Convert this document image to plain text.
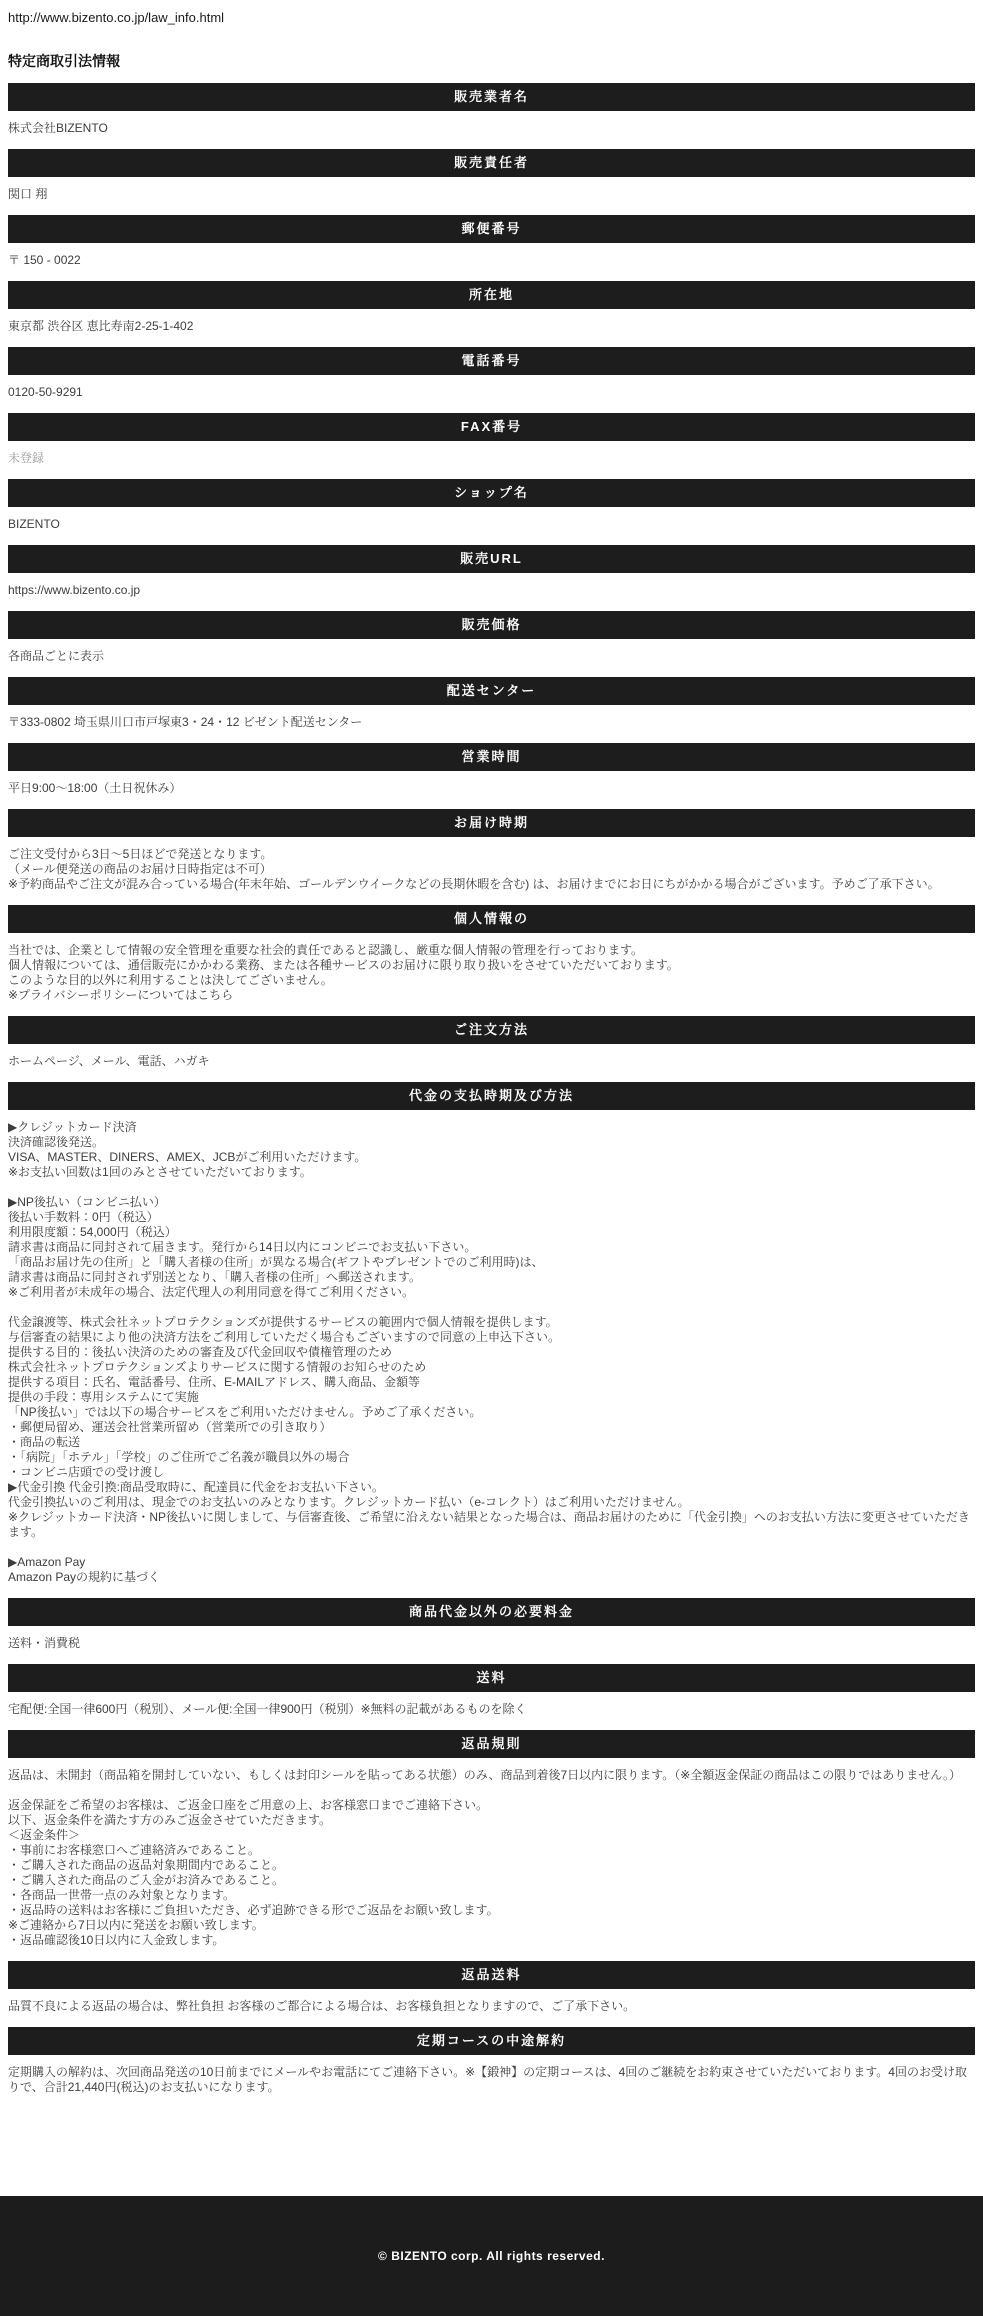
http://www.bizento.co.jp/law_info.html
特定商取引法情報
販売業者名
株式会社BIZENTO
販売責任者
関口 翔
郵便番号
〒 150 - 0022
所在地
東京都 渋谷区 恵比寿南2-25-1-402
電話番号
0120-50-9291
FAX番号
未登録
ショップ名
BIZENTO
販売URL
https://www.bizento.co.jp
販売価格
各商品ごとに表示
配送センター
〒333-0802 埼玉県川口市戸塚東3・24・12 ビゼント配送センター
営業時間
平日9:00〜18:00（土日祝休み）
お届け時期
ご注文受付から3日〜5日ほどで発送となります。
（メール便発送の商品のお届け日時指定は不可）
※予約商品やご注文が混み合っている場合(年末年始、ゴールデンウイークなどの長期休暇を含む) は、お届けまでにお日にちがかかる場合がございます。予めご了承下さい。
個人情報の
当社では、企業として情報の安全管理を重要な社会的責任であると認識し、厳重な個人情報の管理を行っております。
個人情報については、通信販売にかかわる業務、または各種サービスのお届けに限り取り扱いをさせていただいております。
このような目的以外に利用することは決してございません。
※プライバシーポリシーについてはこちら
ご注文方法
ホームページ、メール、電話、ハガキ
代金の支払時期及び方法
▶クレジットカード決済
決済確認後発送。
VISA、MASTER、DINERS、AMEX、JCBがご利用いただけます。
※お支払い回数は1回のみとさせていただいております。
▶NP後払い（コンビニ払い）
後払い手数料：0円（税込）
利用限度額：54,000円（税込）
請求書は商品に同封されて届きます。発行から14日以内にコンビニでお支払い下さい。
「商品お届け先の住所」と「購入者様の住所」が異なる場合(ギフトやプレゼントでのご利用時)は、
請求書は商品に同封されず別送となり、「購入者様の住所」へ郵送されます。
※ご利用者が未成年の場合、法定代理人の利用同意を得てご利用ください。
代金譲渡等、株式会社ネットプロテクションズが提供するサービスの範囲内で個人情報を提供します。
与信審査の結果により他の決済方法をご利用していただく場合もございますので同意の上申込下さい。
提供する目的：後払い決済のための審査及び代金回収や債権管理のため
株式会社ネットプロテクションズよりサービスに関する情報のお知らせのため
提供する項目：氏名、電話番号、住所、E-MAILアドレス、購入商品、金額等
提供の手段：専用システムにて実施
「NP後払い」では以下の場合サービスをご利用いただけません。予めご了承ください。
・郵便局留め、運送会社営業所留め（営業所での引き取り）
・商品の転送
・「病院」「ホテル」「学校」のご住所でご名義が職員以外の場合
・コンビニ店頭での受け渡し
▶代金引換 代金引換:商品受取時に、配達員に代金をお支払い下さい。
代金引換払いのご利用は、現金でのお支払いのみとなります。クレジットカード払い（e-コレクト）はご利用いただけません。
※クレジットカード決済・NP後払いに関しまして、与信審査後、ご希望に沿えない結果となった場合は、商品お届けのために「代金引換」へのお支払い方法に変更させていただきます。
▶Amazon Pay
Amazon Payの規約に基づく
商品代金以外の必要料金
送料・消費税
送料
宅配便:全国一律600円（税別）、メール便:全国一律900円（税別）※無料の記載があるものを除く
返品規則
返品は、未開封（商品箱を開封していない、もしくは封印シールを貼ってある状態）のみ、商品到着後7日以内に限ります。（※全額返金保証の商品はこの限りではありません。）
返金保証をご希望のお客様は、ご返金口座をご用意の上、お客様窓口までご連絡下さい。
以下、返金条件を満たす方のみご返金させていただきます。
＜返金条件＞
・事前にお客様窓口へご連絡済みであること。
・ご購入された商品の返品対象期間内であること。
・ご購入された商品のご入金がお済みであること。
・各商品一世帯一点のみ対象となります。
・返品時の送料はお客様にご負担いただき、必ず追跡できる形でご返品をお願い致します。
※ご連絡から7日以内に発送をお願い致します。
・返品確認後10日以内に入金致します。
返品送料
品質不良による返品の場合は、弊社負担 お客様のご都合による場合は、お客様負担となりますので、ご了承下さい。
定期コースの中途解約
定期購入の解約は、次回商品発送の10日前までにメールやお電話にてご連絡下さい。※【鍛神】の定期コースは、4回のご継続をお約束させていただいております。4回のお受け取りで、合計21,440円(税込)のお支払いになります。
© BIZENTO corp. All rights reserved.
